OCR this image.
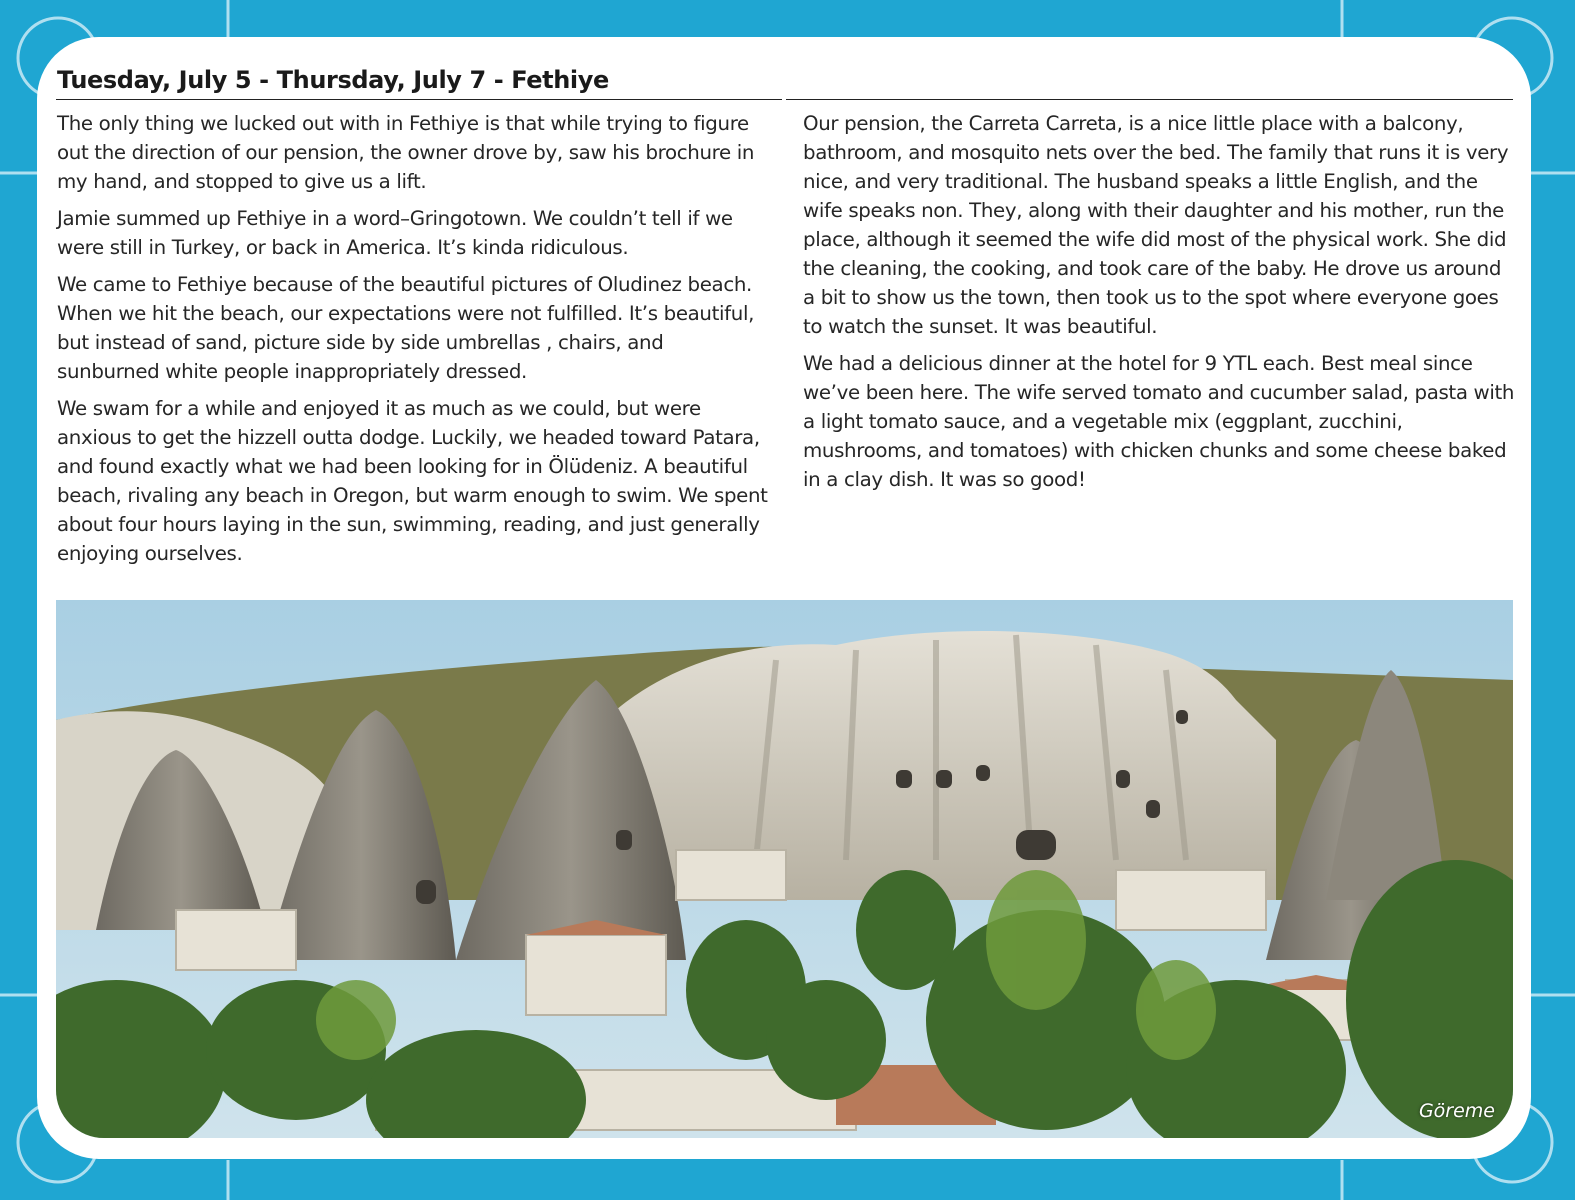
Tuesday, July 5 - Thursday, July 7 - Fethiye

The only thing we lucked out with in Fethiye is that while trying to figure out the direction of our pension, the owner drove by, saw his brochure in my hand, and stopped to give us a lift.

Jamie summed up Fethiye in a word–Gringotown. We couldn’t tell if we were still in Turkey, or back in America. It’s kinda ridiculous.

We came to Fethiye because of the beautiful pictures of Oludinez beach. When we hit the beach, our expectations were not fulfilled. It’s beautiful, but instead of sand, picture side by side umbrellas , chairs, and sunburned white people inappropriately dressed.

We swam for a while and enjoyed it as much as we could, but were anxious to get the hizzell outta dodge. Luckily, we headed toward Patara, and found exactly what we had been looking for in Ölüdeniz. A beautiful beach, rivaling any beach in Oregon, but warm enough to swim. We spent about four hours laying in the sun, swimming, reading, and just generally enjoying ourselves.

Our pension, the Carreta Carreta, is a nice little place with a balcony, bathroom, and mosquito nets over the bed. The family that runs it is very nice, and very traditional. The husband speaks a little English, and the wife speaks non. They, along with their daughter and his mother, run the place, although it seemed the wife did most of the physical work. She did the cleaning, the cooking, and took care of the baby. He drove us around a bit to show us the town, then took us to the spot where everyone goes to watch the sunset. It was beautiful.

We had a delicious dinner at the hotel for 9 YTL each. Best meal since we’ve been here. The wife served tomato and cucumber salad, pasta with a light tomato sauce, and a vegetable mix (eggplant, zucchini, mushrooms, and tomatoes) with chicken chunks and some cheese baked in a clay dish. It was so good!

Göreme
